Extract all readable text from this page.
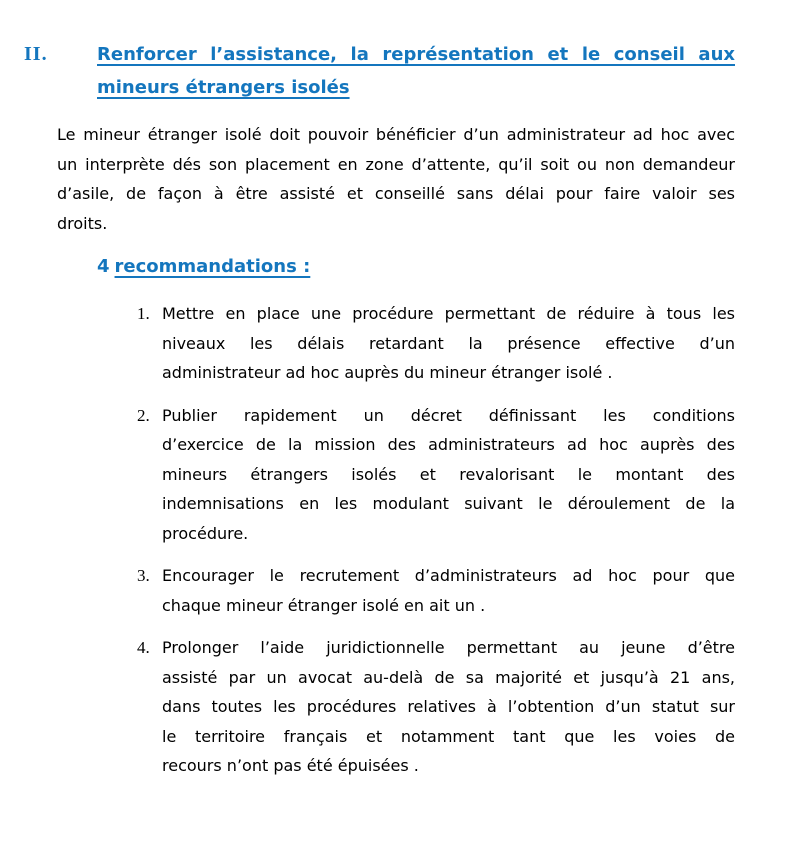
II.	Renforcer l’assistance, la représentation et le conseil aux
mineurs étrangers isolés
Le mineur étranger isolé doit pouvoir bénéficier d’un administrateur ad hoc avec
un interprète dés son placement en zone d’attente, qu’il soit ou non demandeur
d’asile, de façon à être assisté et conseillé sans délai pour faire valoir ses
droits.
4 recommandations :
1. Mettre en place une procédure permettant de réduire à tous les
niveaux les délais retardant la présence effective d’un
administrateur ad hoc auprès du mineur étranger isolé .
2. Publier rapidement un décret définissant les conditions
d’exercice de la mission des administrateurs ad hoc auprès des
mineurs étrangers isolés et revalorisant le montant des
indemnisations en les modulant suivant le déroulement de la
procédure.
3. Encourager le recrutement d’administrateurs ad hoc pour que
chaque mineur étranger isolé en ait un .
4. Prolonger l’aide juridictionnelle permettant au jeune d’être
assisté par un avocat au-delà de sa majorité et jusqu’à 21 ans,
dans toutes les procédures relatives à l’obtention d’un statut sur
le territoire français et notamment tant que les voies de
recours n’ont pas été épuisées .
